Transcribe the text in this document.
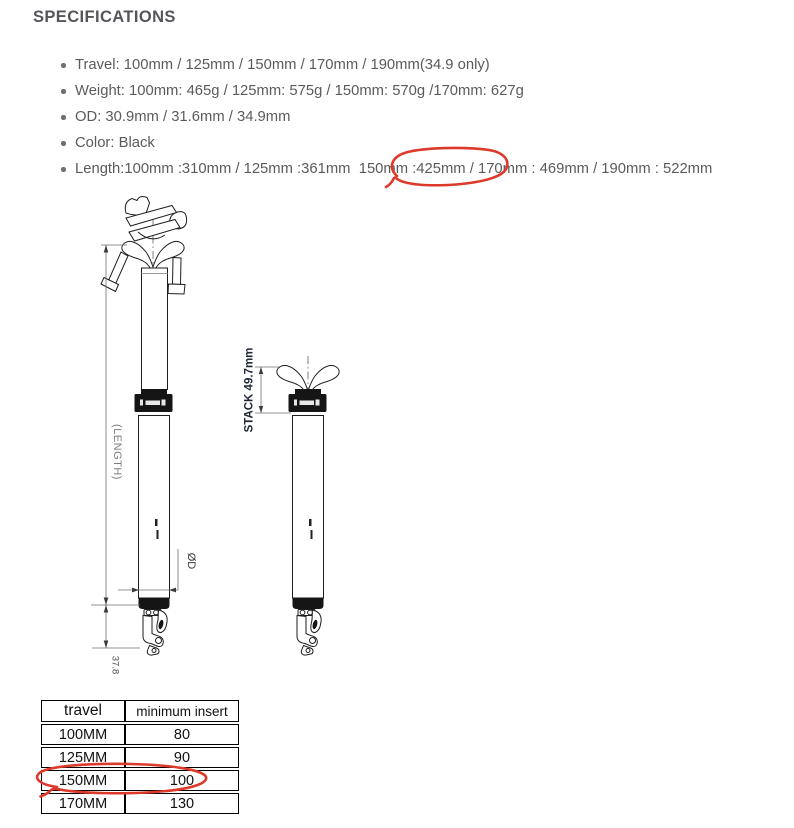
SPECIFICATIONS
Travel: 100mm / 125mm / 150mm / 170mm / 190mm(34.9 only)
Weight: 100mm: 465g / 125mm: 575g / 150mm: 570g /170mm: 627g
OD: 30.9mm / 31.6mm / 34.9mm
Color: Black
Length:100mm :310mm / 125mm :361mm  150mm :425mm / 170mm : 469mm / 190mm : 522mm
(LENGTH)
37.8
ØD
STACK 49.7mm
travel	minimum insert
100MM	80
125MM	90
150MM	100
170MM	130
